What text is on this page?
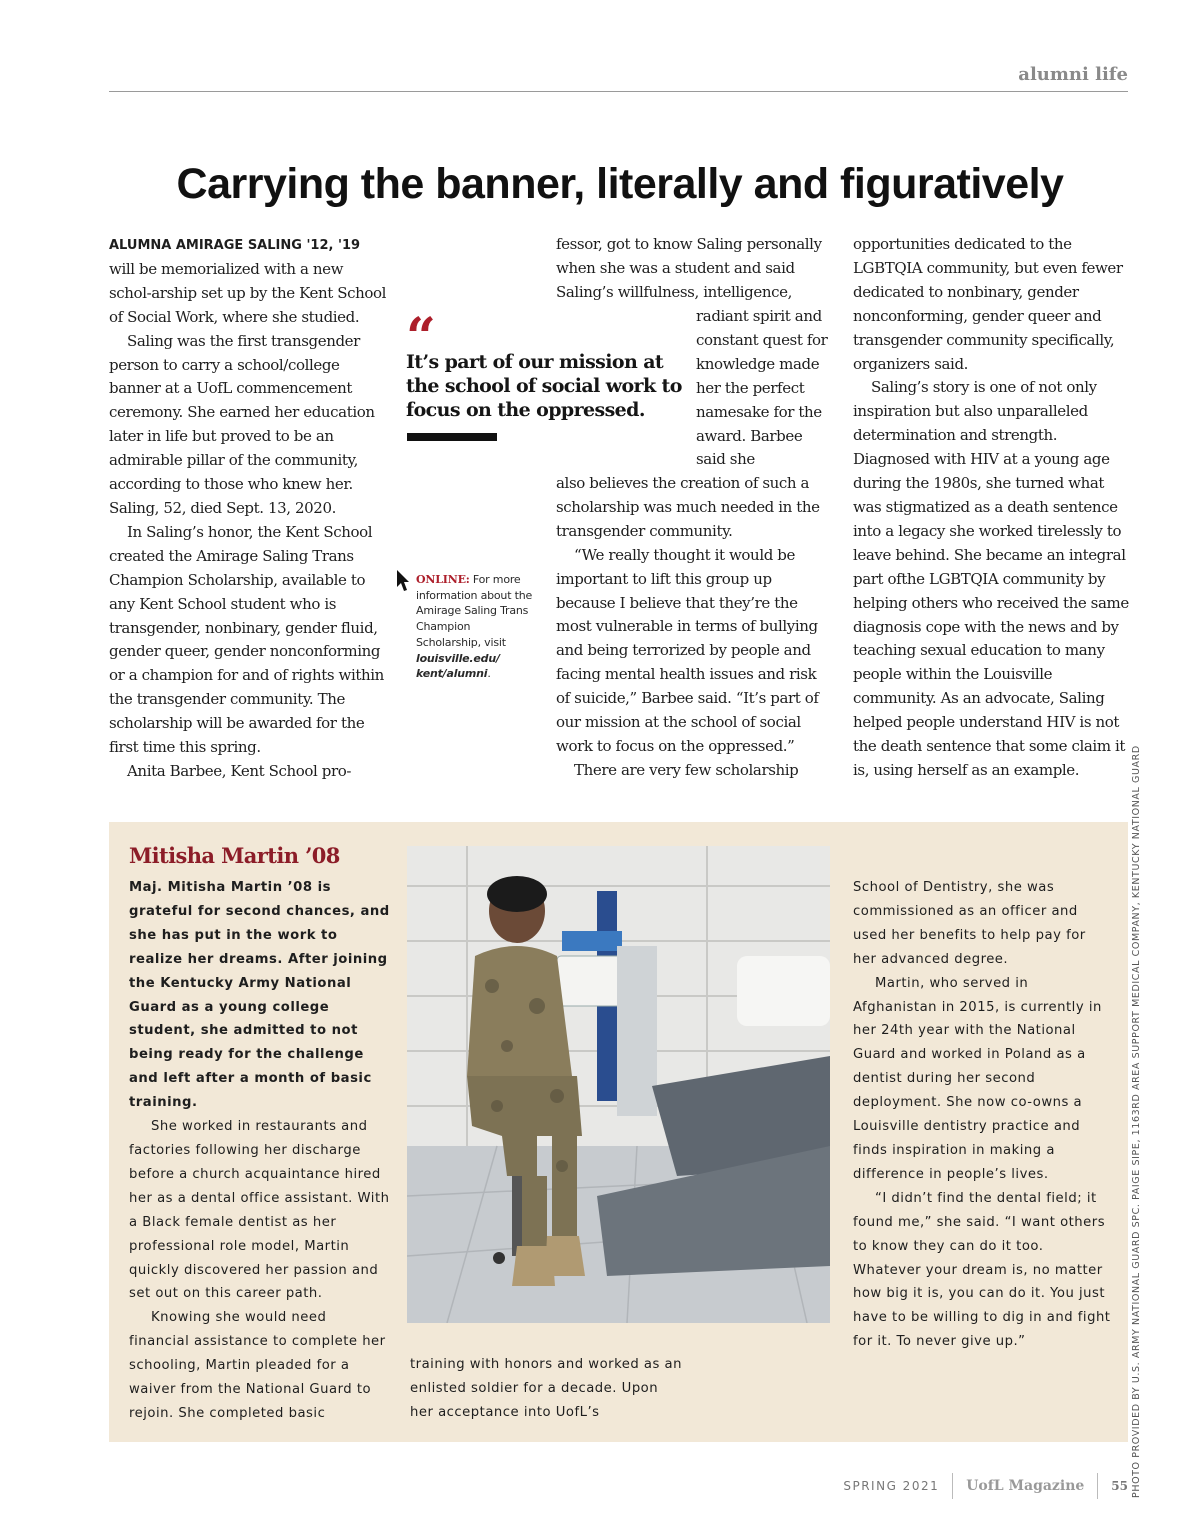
alumni life
Carrying the banner, literally and figuratively

ALUMNA AMIRAGE SALING '12, '19 will be memorialized with a new schol-arship set up by the Kent School of Social Work, where she studied.

Saling was the first transgender person to carry a school/college banner at a UofL commencement ceremony. She earned her education later in life but proved to be an admirable pillar of the community, according to those who knew her. Saling, 52, died Sept. 13, 2020.

In Saling’s honor, the Kent School created the Amirage Saling Trans Champion Scholarship, available to any Kent School student who is transgender, nonbinary, gender fluid, gender queer, gender nonconforming or a champion for and of rights within the transgender community. The scholarship will be awarded for the first time this spring.

Anita Barbee, Kent School pro-

fessor, got to know Saling personally when she was a student and said Saling’s willfulness, intelligence,

radiant spirit and constant quest for knowledge made her the perfect namesake for the award. Barbee said she

also believes the creation of such a scholarship was much needed in the transgender community.

“We really thought it would be important to lift this group up because I believe that they’re the most vulnerable in terms of bullying and being terrorized by people and facing mental health issues and risk of suicide,” Barbee said. “It’s part of our mission at the school of social work to focus on the oppressed.”

There are very few scholarship

“
It’s part of our mission at the school of social work to focus on the oppressed.
ONLINE: For more information about the Amirage Saling Trans Champion Scholarship, visit louisville.edu/ kent/alumni.

opportunities dedicated to the LGBTQIA community, but even fewer dedicated to nonbinary, gender nonconforming, gender queer and transgender community specifically, organizers said.

Saling’s story is one of not only inspiration but also unparalleled determination and strength. Diagnosed with HIV at a young age during the 1980s, she turned what was stigmatized as a death sentence into a legacy she worked tirelessly to leave behind. She became an integral part ofthe LGBTQIA community by helping others who received the same diagnosis cope with the news and by teaching sexual education to many people within the Louisville community. As an advocate, Saling helped people understand HIV is not the death sentence that some claim it is, using herself as an example.

Mitisha Martin ’08

Maj. Mitisha Martin ’08 is grateful for second chances, and she has put in the work to realize her dreams. After joining the Kentucky Army National Guard as a young college student, she admitted to not being ready for the challenge and left after a month of basic training.

She worked in restaurants and factories following her discharge before a church acquaintance hired her as a dental office assistant. With a Black female dentist as her professional role model, Martin quickly discovered her passion and set out on this career path.

Knowing she would need financial assistance to complete her schooling, Martin pleaded for a waiver from the National Guard to rejoin. She completed basic

training with honors and worked as an enlisted soldier for a decade. Upon her acceptance into UofL’s

School of Dentistry, she was commissioned as an officer and used her benefits to help pay for her advanced degree.

Martin, who served in Afghanistan in 2015, is currently in her 24th year with the National Guard and worked in Poland as a dentist during her second deployment. She now co-owns a Louisville dentistry practice and finds inspiration in making a difference in people’s lives.

“I didn’t find the dental field; it found me,” she said. “I want others to know they can do it too. Whatever your dream is, no matter how big it is, you can do it. You just have to be willing to dig in and fight for it. To never give up.”	PHOTO PROVIDED BY U.S. ARMY NATIONAL GUARD SPC. PAIGE SIPE, 1163RD AREA SUPPORT MEDICAL COMPANY, KENTUCKY NATIONAL GUARD
SPRING 2021 UofL Magazine 55
